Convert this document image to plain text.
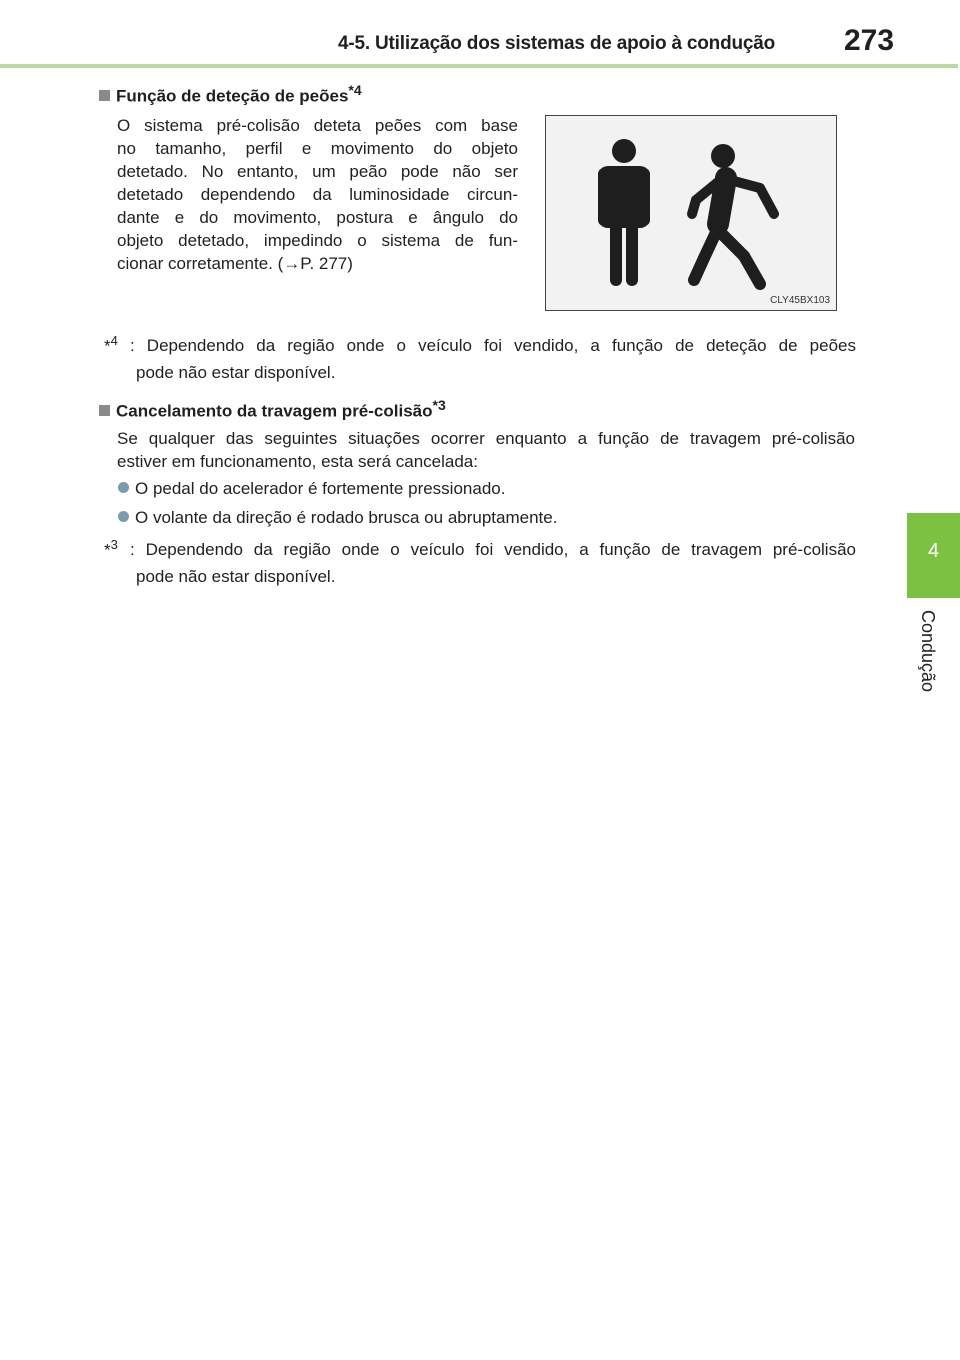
4-5. Utilização dos sistemas de apoio à condução 273
4
Condução
Função de deteção de peões$^{*4}$
O sistema pré-colisão deteta peões com base
no tamanho, perfil e movimento do objeto
detetado. No entanto, um peão pode não ser
detetado dependendo da luminosidade circun-
dante e do movimento, postura e ângulo do
objeto detetado, impedindo o sistema de fun-
cionar corretamente. (→P. 277)
CLY45BX103
*$^4$ : Dependendo da região onde o veículo foi vendido, a função de deteção de peões
pode não estar disponível.
Cancelamento da travagem pré-colisão$^{*3}$
Se qualquer das seguintes situações ocorrer enquanto a função de travagem pré-colisão
estiver em funcionamento, esta será cancelada:
O pedal do acelerador é fortemente pressionado.
O volante da direção é rodado brusca ou abruptamente.
*$^3$ : Dependendo da região onde o veículo foi vendido, a função de travagem pré-colisão
pode não estar disponível.
